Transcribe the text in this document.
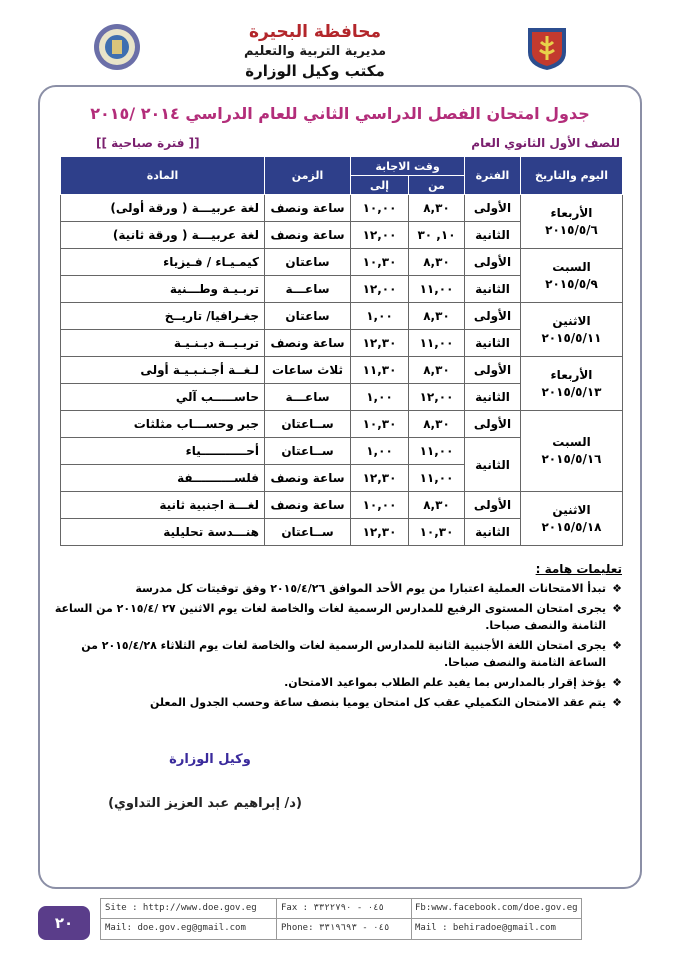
محافظة البحيرة
مديرية التربية والتعليم
مكتب وكيل الوزارة
جدول امتحان الفصل الدراسي الثاني للعام الدراسي ٢٠١٤ /٢٠١٥
للصف الأول الثانوي العام
[[ فترة صباحية ]]
اليوم والتاريخ	الفترة	وقت الاجابة		الزمن	المادة
		من	إلى		

الأربعاء
٢٠١٥/٥/٦	الأولى	٨,٣٠	١٠,٠٠	ساعة ونصف	لغة عربيـــة ( ورقة أولى)
	الثانية	١٠, ٣٠	١٢,٠٠	ساعة ونصف	لغة عربيـــة ( ورقة ثانية)

السبت
٢٠١٥/٥/٩	الأولى	٨,٣٠	١٠,٣٠	ساعتان	كيمـيـاء / فـيزياء
	الثانية	١١,٠٠	١٢,٠٠	ساعـــة	تربـيـة وطـــنية

الاثنين
٢٠١٥/٥/١١	الأولى	٨,٣٠	١,٠٠	ساعتان	جغـرافيا/ تاريــخ
	الثانية	١١,٠٠	١٢,٣٠	ساعة ونصف	تربـيــة ديـنـيـة

الأربعاء
٢٠١٥/٥/١٣	الأولى	٨,٣٠	١١,٣٠	ثلاث ساعات	لـغــة أجـنـبـيـة أولى
	الثانية	١٢,٠٠	١,٠٠	ساعـــة	حاســـــب آلي

السبت
٢٠١٥/٥/١٦	الأولى	٨,٣٠	١٠,٣٠	ســاعتان	جبر وحســـاب مثلثات
	الثانية	١١,٠٠	١,٠٠	ســاعتان	أحـــــــــــياء
		١١,٠٠	١٢,٣٠	ساعة ونصف	فلســــــــــفة

الاثنين
٢٠١٥/٥/١٨	الأولى	٨,٣٠	١٠,٠٠	ساعة ونصف	لغـــة اجنبية ثانية
	الثانية	١٠,٣٠	١٢,٣٠	ســاعتان	هنـــدسة تحليلية
تعليمات هامة :
❖
تبدأ الامتحانات العملية اعتبارا من يوم الأحد الموافق ٢٠١٥/٤/٢٦ وفق توقيتات كل مدرسة
❖
يجرى امتحان المستوى الرفيع للمدارس الرسمية لغات والخاصة لغات يوم الاثنين ٢٧ /٢٠١٥/٤ من الساعة الثامنة والنصف صباحا.
❖
يجرى امتحان اللغة الأجنبية الثانية للمدارس الرسمية لغات والخاصة لغات يوم الثلاثاء ٢٠١٥/٤/٢٨ من الساعة الثامنة والنصف صباحا.
❖
يؤخذ إقرار بالمدارس بما يفيد علم الطلاب بمواعيد الامتحان.
❖
يتم عقد الامتحان التكميلي عقب كل امتحان يوميا بنصف ساعة وحسب الجدول المعلن
وكيل الوزارة
(د/ إبراهيم عبد العزيز التداوي)
٢٠
Site : http://www.doe.gov.eg	Fax : ٠٤٥ - ٣٣٢٢٧٩٠	Fb:www.facebook.com/doe.gov.eg
Mail: doe.gov.eg@gmail.com	Phone: ٠٤٥ - ٣٣١٩٦٩٣	Mail : behiradoe@gmail.com
